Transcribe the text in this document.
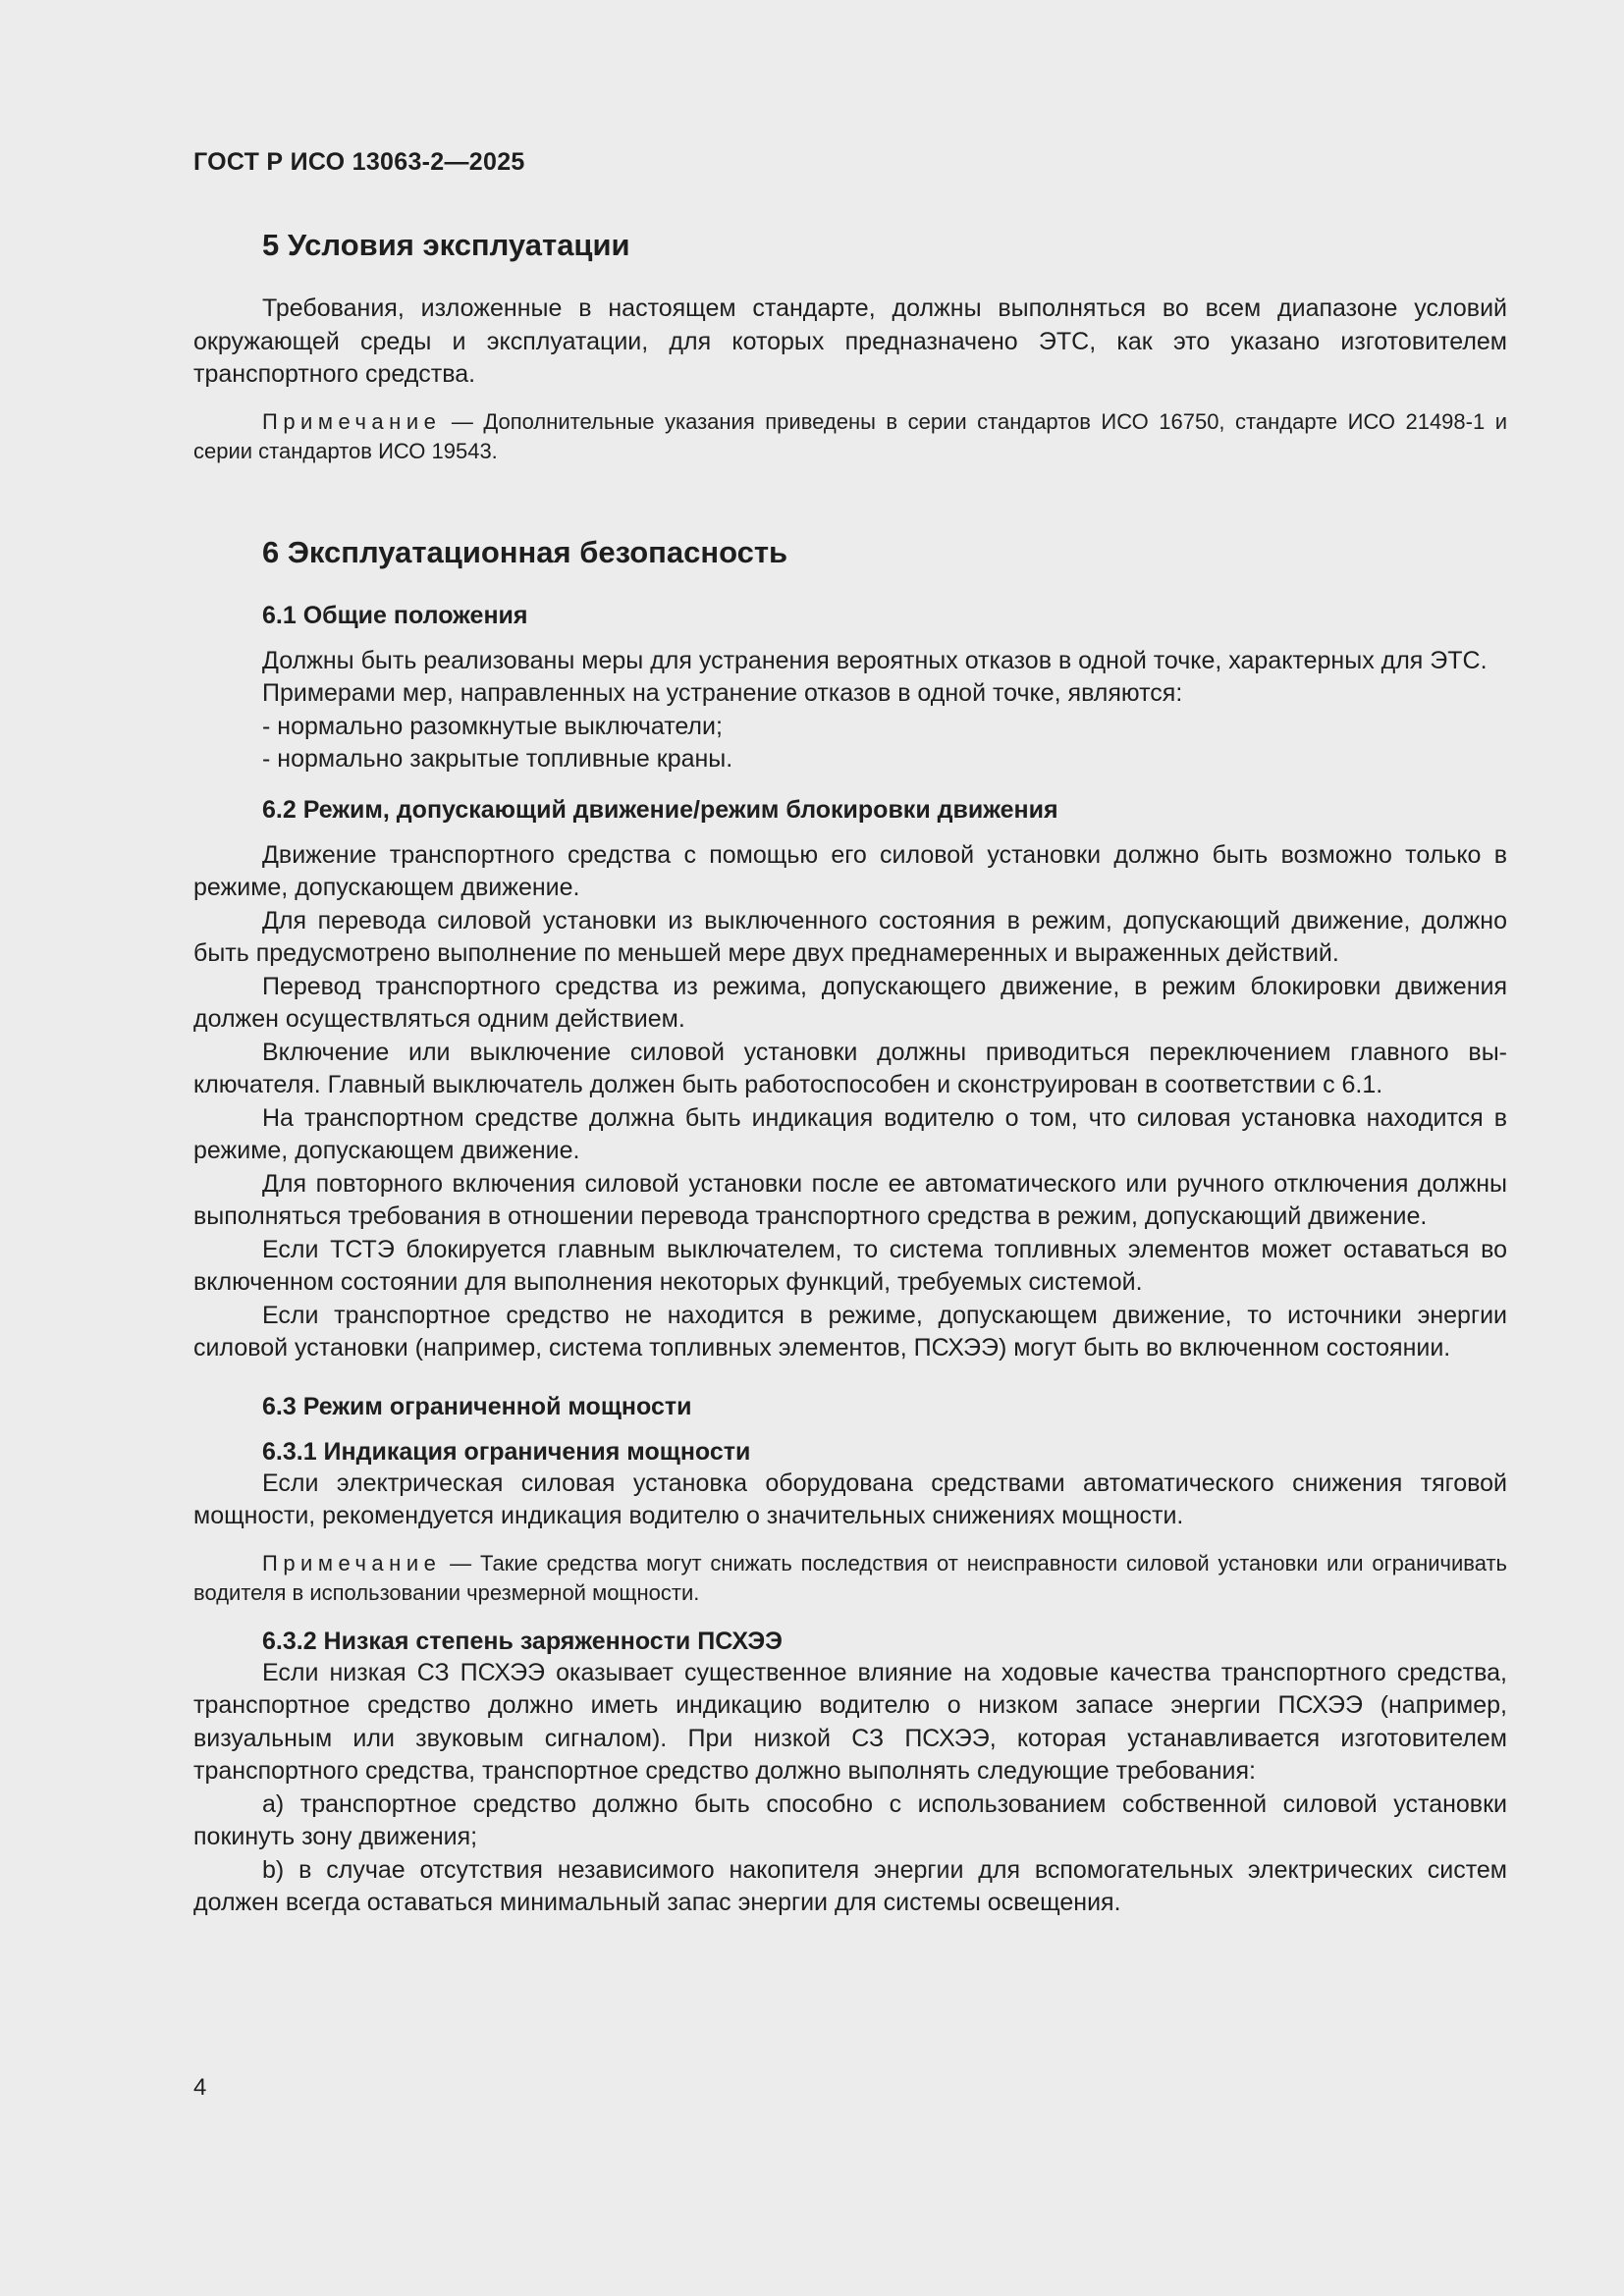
ГОСТ Р ИСО 13063-2—2025

5 Условия эксплуатации

Требования, изложенные в настоящем стандарте, должны выполняться во всем диапазоне условий окружающей среды и эксплуатации, для которых предназначено ЭТС, как это указано изготовителем транспортного средства.

Примечание — Дополнительные указания приведены в серии стандартов ИСО 16750, стандарте ИСО 21498-1 и серии стандартов ИСО 19543.

6 Эксплуатационная безопасность
6.1 Общие положения

Должны быть реализованы меры для устранения вероятных отказов в одной точке, характерных для ЭТС.

Примерами мер, направленных на устранение отказов в одной точке, являются:

- нормально разомкнутые выключатели;

- нормально закрытые топливные краны.

6.2 Режим, допускающий движение/режим блокировки движения

Движение транспортного средства с помощью его силовой установки должно быть возможно только в режиме, допускающем движение.

Для перевода силовой установки из выключенного состояния в режим, допускающий движение, должно быть предусмотрено выполнение по меньшей мере двух преднамеренных и выраженных действий.

Перевод транспортного средства из режима, допускающего движение, в режим блокировки движения должен осуществляться одним действием.

Включение или выключение силовой установки должны приводиться переключением главного выключателя. Главный выключатель должен быть работоспособен и сконструирован в соответствии с 6.1.

На транспортном средстве должна быть индикация водителю о том, что силовая установка находится в режиме, допускающем движение.

Для повторного включения силовой установки после ее автоматического или ручного отключения должны выполняться требования в отношении перевода транспортного средства в режим, допускающий движение.

Если ТСТЭ блокируется главным выключателем, то система топливных элементов может оставаться во включенном состоянии для выполнения некоторых функций, требуемых системой.

Если транспортное средство не находится в режиме, допускающем движение, то источники энергии силовой установки (например, система топливных элементов, ПСХЭЭ) могут быть во включенном состоянии.

6.3 Режим ограниченной мощности
6.3.1 Индикация ограничения мощности

Если электрическая силовая установка оборудована средствами автоматического снижения тяговой мощности, рекомендуется индикация водителю о значительных снижениях мощности.

Примечание — Такие средства могут снижать последствия от неисправности силовой установки или ограничивать водителя в использовании чрезмерной мощности.

6.3.2 Низкая степень заряженности ПСХЭЭ

Если низкая СЗ ПСХЭЭ оказывает существенное влияние на ходовые качества транспортного средства, транспортное средство должно иметь индикацию водителю о низком запасе энергии ПСХЭЭ (например, визуальным или звуковым сигналом). При низкой СЗ ПСХЭЭ, которая устанавливается изготовителем транспортного средства, транспортное средство должно выполнять следующие требования:

a) транспортное средство должно быть способно с использованием собственной силовой установки покинуть зону движения;

b) в случае отсутствия независимого накопителя энергии для вспомогательных электрических систем должен всегда оставаться минимальный запас энергии для системы освещения.

4
